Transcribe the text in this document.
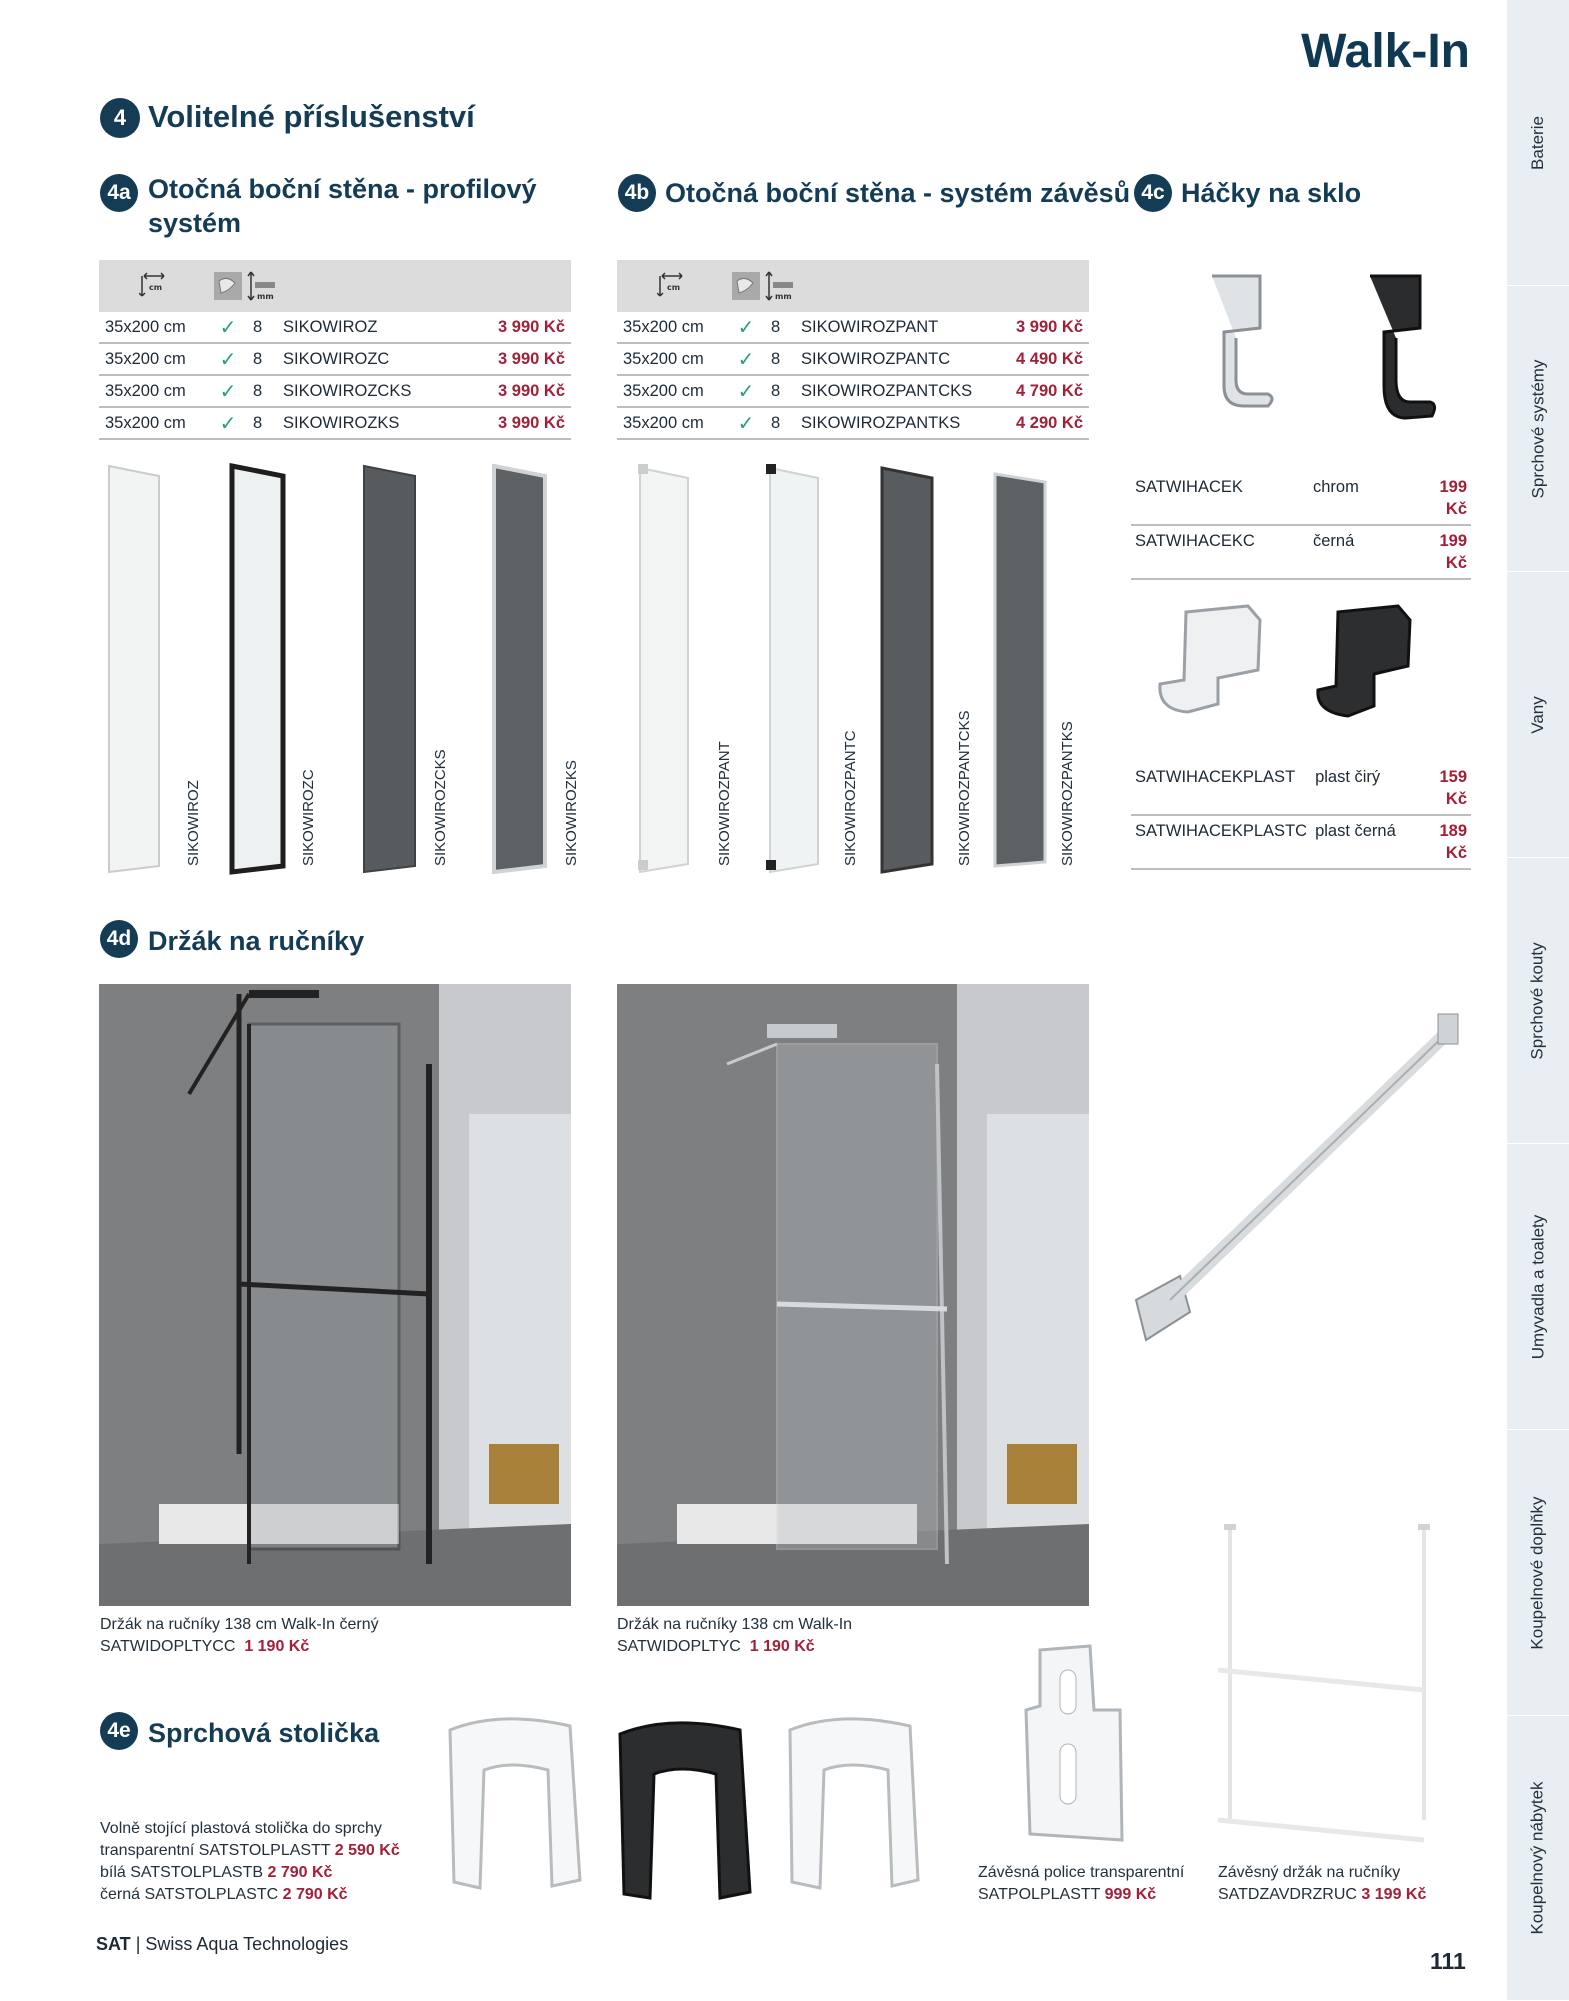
Baterie
Sprchové systémy
Vany
Sprchové kouty
Umyvadla a toalety
Koupelnové doplňky
Koupelnový nábytek
Walk-In
4 Volitelné příslušenství
4a Otočná boční stěna - profilový
systém
cm		mm		

35x200 cm	✓	8	SIKOWIROZ	3 990 Kč
35x200 cm	✓	8	SIKOWIROZC	3 990 Kč
35x200 cm	✓	8	SIKOWIROZCKS	3 990 Kč
35x200 cm	✓	8	SIKOWIROZKS	3 990 Kč
SIKOWIROZ	SIKOWIROZC	SIKOWIROZCKS	SIKOWIROZKS
4b Otočná boční stěna - systém závěsů
cm		mm		

35x200 cm	✓	8	SIKOWIROZPANT	3 990 Kč
35x200 cm	✓	8	SIKOWIROZPANTC	4 490 Kč
35x200 cm	✓	8	SIKOWIROZPANTCKS	4 790 Kč
35x200 cm	✓	8	SIKOWIROZPANTKS	4 290 Kč
SIKOWIROZPANT	SIKOWIROZPANTC	SIKOWIROZPANTCKS	SIKOWIROZPANTKS
4c Háčky na sklo
SATWIHACEK	chrom	199 Kč
SATWIHACEKC	černá	199 Kč
SATWIHACEKPLAST	plast čirý	159 Kč
SATWIHACEKPLASTC	plast černá	189 Kč
4d Držák na ručníky
Držák na ručníky 138 cm Walk-In černý
SATWIDOPLTYCC 1 190 Kč
Držák na ručníky 138 cm Walk-In
SATWIDOPLTYC 1 190 Kč
4e Sprchová stolička
Volně stojící plastová stolička do sprchy
transparentní SATSTOLPLASTT 2 590 Kč
bílá SATSTOLPLASTB 2 790 Kč
černá SATSTOLPLASTC 2 790 Kč
Závěsná police transparentní
SATPOLPLASTT 999 Kč
Závěsný držák na ručníky
SATDZAVDRZRUC 3 199 Kč
SAT | Swiss Aqua Technologies
111
